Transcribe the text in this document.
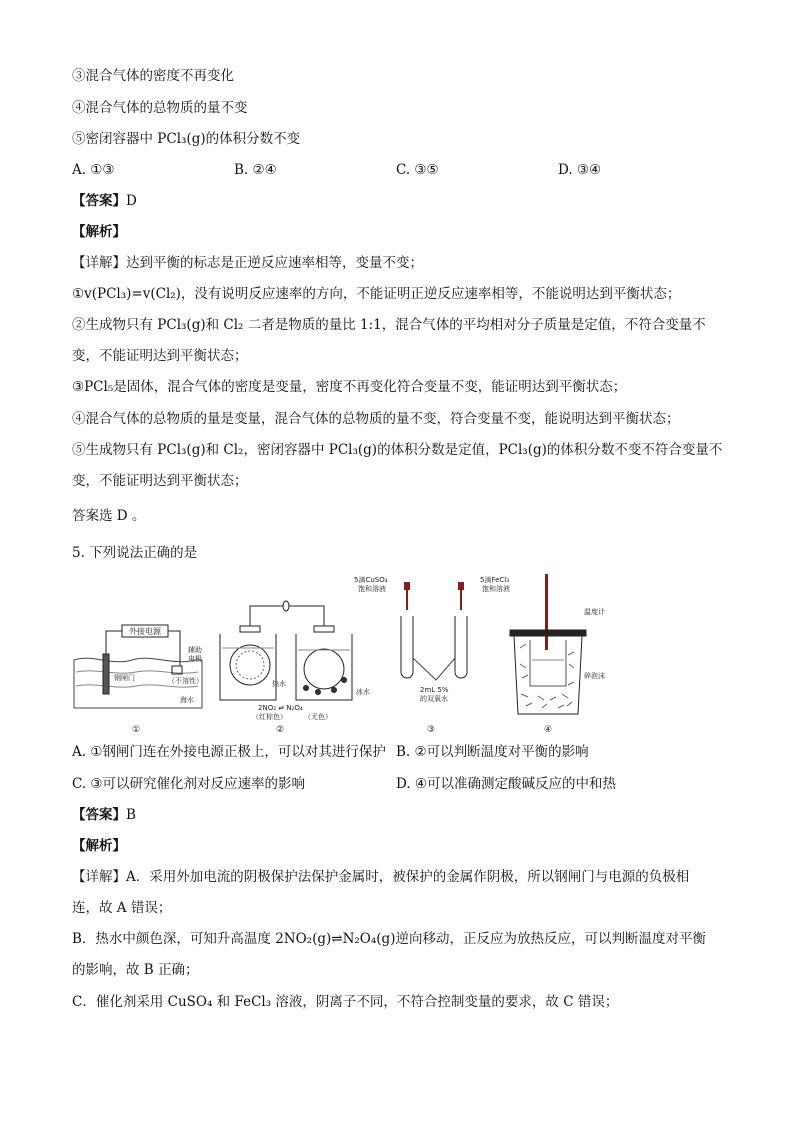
③混合气体的密度不再变化
④混合气体的总物质的量不变
⑤密闭容器中 PCl₃(g)的体积分数不变
A. ①③	B. ②④	C. ③⑤	D. ③④
【答案】D
【解析】
【详解】达到平衡的标志是正逆反应速率相等，变量不变；
①v(PCl₃)=v(Cl₂)，没有说明反应速率的方向，不能证明正逆反应速率相等，不能说明达到平衡状态；
②生成物只有 PCl₃(g)和 Cl₂ 二者是物质的量比 1:1，混合气体的平均相对分子质量是定值，不符合变量不
变，不能证明达到平衡状态；
③PCl₅是固体，混合气体的密度是变量，密度不再变化符合变量不变，能证明达到平衡状态；
④混合气体的总物质的量是变量，混合气体的总物质的量不变，符合变量不变，能说明达到平衡状态；
⑤生成物只有 PCl₃(g)和 Cl₂，密闭容器中 PCl₃(g)的体积分数是定值，PCl₃(g)的体积分数不变不符合变量不
变，不能证明达到平衡状态；
答案选 D 。
5. 下列说法正确的是
外接电源
钢闸门
辅助
电极
（不溶性）
海水
①
热水
冰水
2NO₂ ⇌ N₂O₄
（红棕色） （无色）
②
5滴CuSO₄
饱和溶液
5滴FeCl₃
饱和溶液
2mL 5%
的双氧水
③
温度计
碎泡沫
④
A. ①钢闸门连在外接电源正极上，可以对其进行保护 B. ②可以判断温度对平衡的影响
C. ③可以研究催化剂对反应速率的影响	D. ④可以准确测定酸碱反应的中和热
【答案】B
【解析】
【详解】A．采用外加电流的阴极保护法保护金属时，被保护的金属作阴极，所以钢闸门与电源的负极相
连，故 A 错误；
B．热水中颜色深，可知升高温度 2NO₂(g)⇌N₂O₄(g)逆向移动，正反应为放热反应，可以判断温度对平衡
的影响，故 B 正确；
C．催化剂采用 CuSO₄ 和 FeCl₃ 溶液，阴离子不同，不符合控制变量的要求，故 C 错误；
